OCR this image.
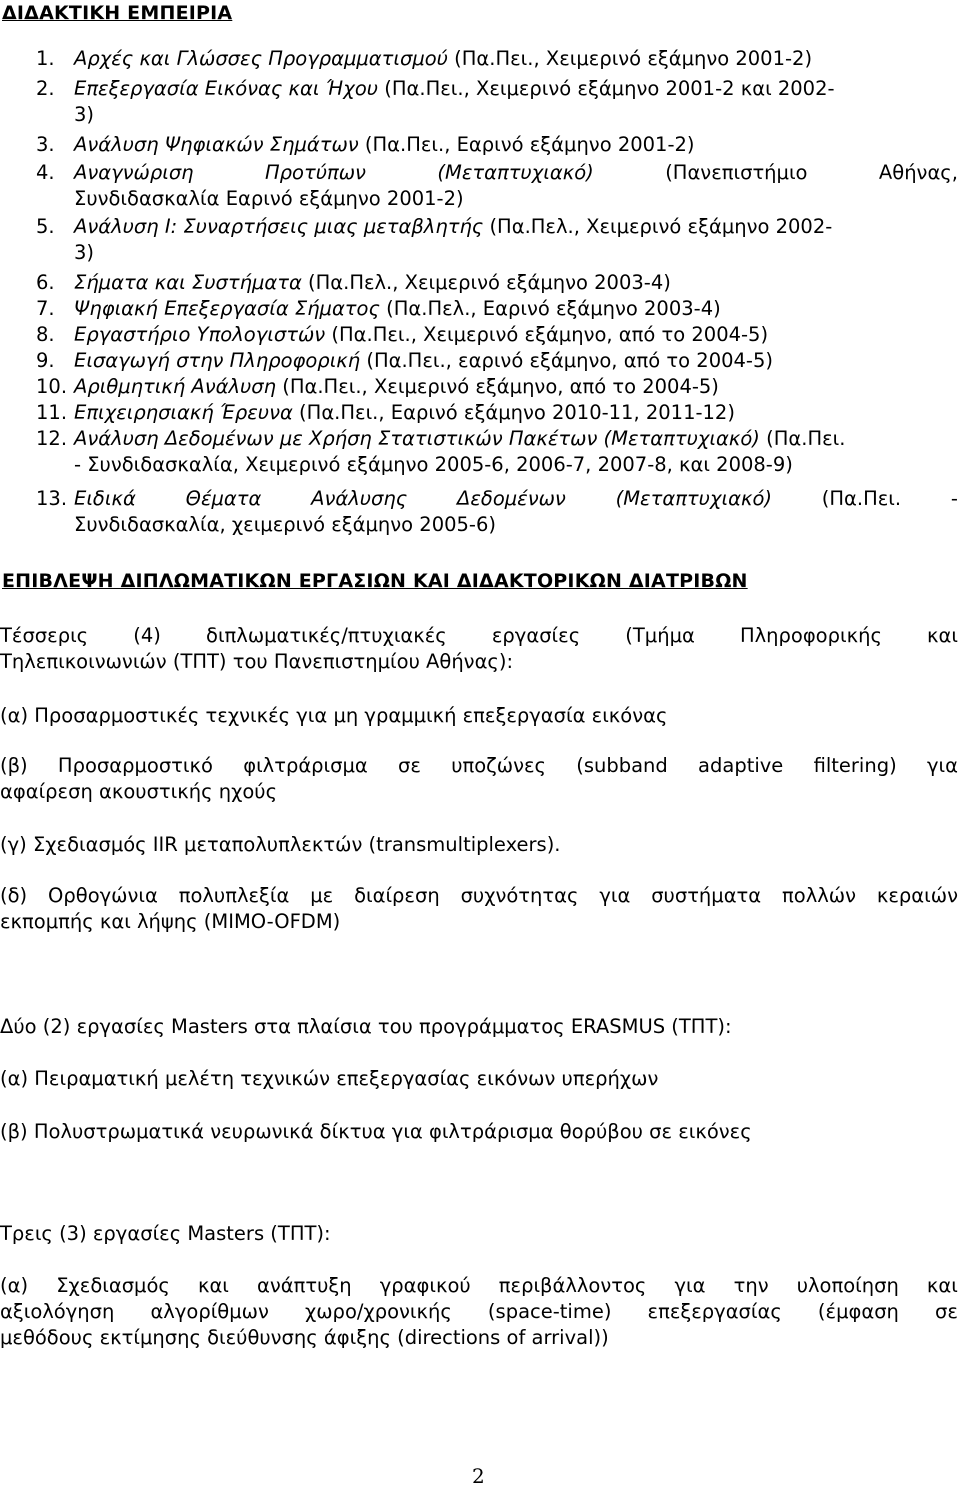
ΔΙΔΑΚΤΙΚΗ ΕΜΠΕΙΡΙΑ
1. Αρχές και Γλώσσες Προγραμματισμού (Πα.Πει., Χειμερινό εξάμηνο 2001-2)

2. Επεξεργασία Εικόνας και Ήχου (Πα.Πει., Χειμερινό εξάμηνο 2001-2 και 2002-

3)

3. Ανάλυση Ψηφιακών Σημάτων (Πα.Πει., Εαρινό εξάμηνο 2001-2)

4. Αναγνώριση	Προτύπων	(Μεταπτυχιακό)	(Πανεπιστήμιο	Αθήνας,

Συνδιδασκαλία Εαρινό εξάμηνο 2001-2)

5. Ανάλυση Ι: Συναρτήσεις μιας μεταβλητής (Πα.Πελ., Χειμερινό εξάμηνο 2002-

3)

6. Σήματα και Συστήματα (Πα.Πελ., Χειμερινό εξάμηνο 2003-4)

7. Ψηφιακή Επεξεργασία Σήματος (Πα.Πελ., Εαρινό εξάμηνο 2003-4)

8. Εργαστήριο Υπολογιστών (Πα.Πει., Χειμερινό εξάμηνο, από το 2004-5)

9. Εισαγωγή στην Πληροφορική (Πα.Πει., εαρινό εξάμηνο, από το 2004-5)

10. Αριθμητική Ανάλυση (Πα.Πει., Χειμερινό εξάμηνο, από το 2004-5)

11. Επιχειρησιακή Έρευνα (Πα.Πει., Εαρινό εξάμηνο 2010-11, 2011-12)

12. Ανάλυση Δεδομένων με Χρήση Στατιστικών Πακέτων (Μεταπτυχιακό) (Πα.Πει.

- Συνδιδασκαλία, Χειμερινό εξάμηνο 2005-6, 2006-7, 2007-8, και 2008-9)

13. Ειδικά	Θέματα	Ανάλυσης	Δεδομένων	(Μεταπτυχιακό)	(Πα.Πει.	-

Συνδιδασκαλία, χειμερινό εξάμηνο 2005-6)

ΕΠΙΒΛΕΨΗ ΔΙΠΛΩΜΑΤΙΚΩΝ ΕΡΓΑΣΙΩΝ ΚΑΙ ΔΙΔΑΚΤΟΡΙΚΩΝ ΔΙΑΤΡΙΒΩΝ

Τέσσερις (4) διπλωματικές/πτυχιακές εργασίες (Τμήμα Πληροφορικής και

Τηλεπικοινωνιών (ΤΠΤ) του Πανεπιστημίου Αθήνας):

(α) Προσαρμοστικές τεχνικές για μη γραμμική επεξεργασία εικόνας

(β) Προσαρμοστικό φιλτράρισμα σε υποζώνες (subband adaptive filtering) για

αφαίρεση ακουστικής ηχούς

(γ) Σχεδιασμός IIR μεταπολυπλεκτών (transmultiplexers).

(δ) Ορθογώνια πολυπλεξία με διαίρεση συχνότητας για συστήματα πολλών κεραιών

εκπομπής και λήψης (MIMO-OFDM)

Δύο (2) εργασίες Masters στα πλαίσια του προγράμματος ERASMUS (ΤΠΤ):

(α) Πειραματική μελέτη τεχνικών επεξεργασίας εικόνων υπερήχων

(β) Πολυστρωματικά νευρωνικά δίκτυα για φιλτράρισμα θορύβου σε εικόνες

Τρεις (3) εργασίες Masters (ΤΠΤ):

(α) Σχεδιασμός και ανάπτυξη γραφικού περιβάλλοντος για την υλοποίηση και

αξιολόγηση αλγορίθμων χωρο/χρονικής (space-time) επεξεργασίας (έμφαση σε

μεθόδους εκτίμησης διεύθυνσης άφιξης (directions of arrival))

2
